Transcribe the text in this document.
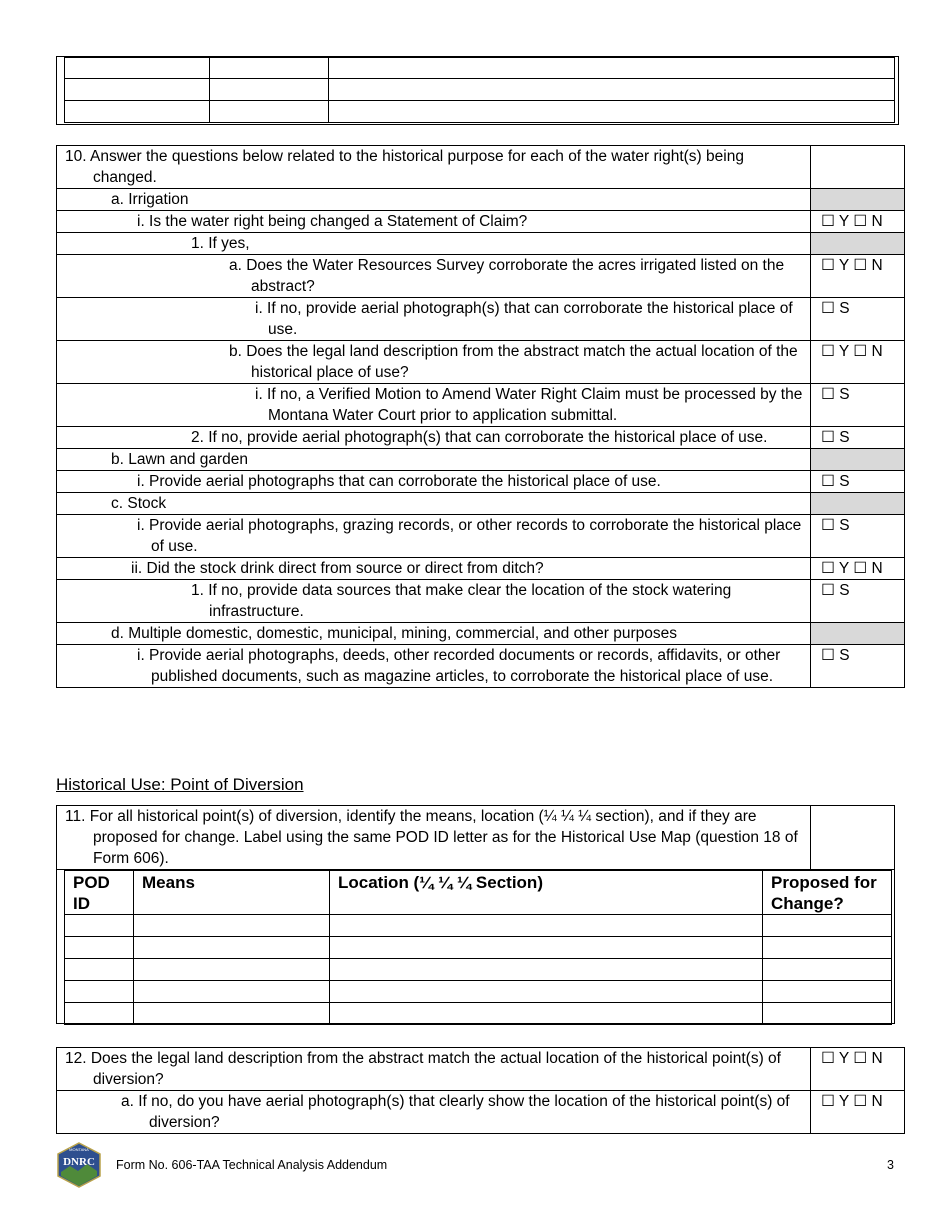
10. Answer the questions below related to the historical purpose for each of the water right(s) being changed.	

a. Irrigation	

i. Is the water right being changed a Statement of Claim?	☐ Y ☐ N

1. If yes,	

a. Does the Water Resources Survey corroborate the acres irrigated listed on the abstract?	☐ Y ☐ N

i. If no, provide aerial photograph(s) that can corroborate the historical place of use.	☐ S

b. Does the legal land description from the abstract match the actual location of the historical place of use?	☐ Y ☐ N

i. If no, a Verified Motion to Amend Water Right Claim must be processed by the Montana Water Court prior to application submittal.	☐ S

2. If no, provide aerial photograph(s) that can corroborate the historical place of use.	☐ S

b. Lawn and garden	

i. Provide aerial photographs that can corroborate the historical place of use.	☐ S

c. Stock	

i. Provide aerial photographs, grazing records, or other records to corroborate the historical place of use.	☐ S

ii. Did the stock drink direct from source or direct from ditch?	☐ Y ☐ N

1. If no, provide data sources that make clear the location of the stock watering infrastructure.	☐ S

d. Multiple domestic, domestic, municipal, mining, commercial, and other purposes	

i. Provide aerial photographs, deeds, other recorded documents or records, affidavits, or other published documents, such as magazine articles, to corroborate the historical place of use.	☐ S
Historical Use: Point of Diversion
11. For all historical point(s) of diversion, identify the means, location (¼ ¼ ¼ section), and if they are proposed for change. Label using the same POD ID letter as for the Historical Use Map (question 18 of Form 606).

POD ID	Means	Location (¼ ¼ ¼ Section)	Proposed for Change?

12. Does the legal land description from the abstract match the actual location of the historical point(s) of diversion?	☐ Y ☐ N

a. If no, do you have aerial photograph(s) that clearly show the location of the historical point(s) of diversion?	☐ Y ☐ N
MONTANA
DNRC Form No. 606-TAA Technical Analysis Addendum	3
